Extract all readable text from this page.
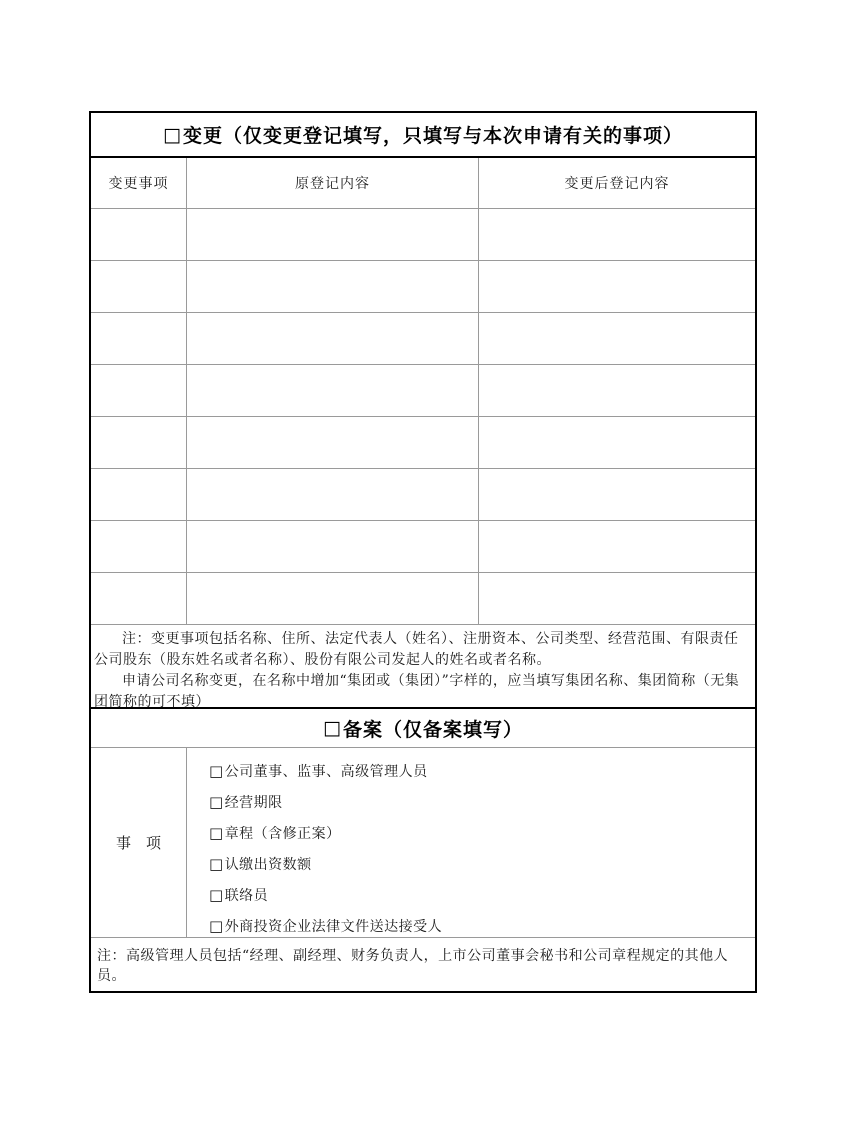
□ 变更（仅变更登记填写，只填写与本次申请有关的事项）
变更事项	原登记内容	变更后登记内容

注：变更事项包括名称、住所、法定代表人（姓名）、注册资本、公司类型、经营范围、有限责任公司股东（股东姓名或者名称）、股份有限公司发起人的姓名或者名称。

申请公司名称变更，在名称中增加“集团或（集团）”字样的，应当填写集团名称、集团简称（无集团简称的可不填）

□ 备案（仅备案填写）
事　项
□ 公司董事、监事、高级管理人员
□ 经营期限
□ 章程（含修正案）
□ 认缴出资数额
□ 联络员
□ 外商投资企业法律文件送达接受人
注：高级管理人员包括“经理、副经理、财务负责人，上市公司董事会秘书和公司章程规定的其他人员。
